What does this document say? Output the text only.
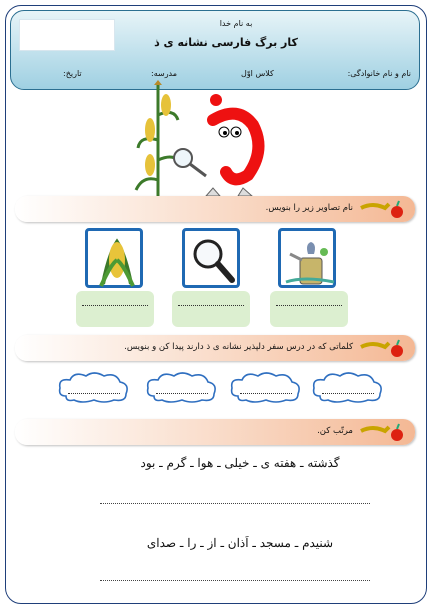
به نام خدا
کار برگ فارسی نشانه ی ذ
نام و نام خانوادگی:
کلاس اوّل
مدرسه:
تاریخ:
نام تصاویر زیر را بنویس.
کلماتی که در درس سفر دلپذیر نشانه ی ذ دارند پیدا کن و بنویس.
مرتّب کن.
گذشته ـ هفته ی ـ خیلی ـ هوا ـ گرم ـ بود
شنیدم ـ مسجد ـ اَذان ـ از ـ را ـ صدای
